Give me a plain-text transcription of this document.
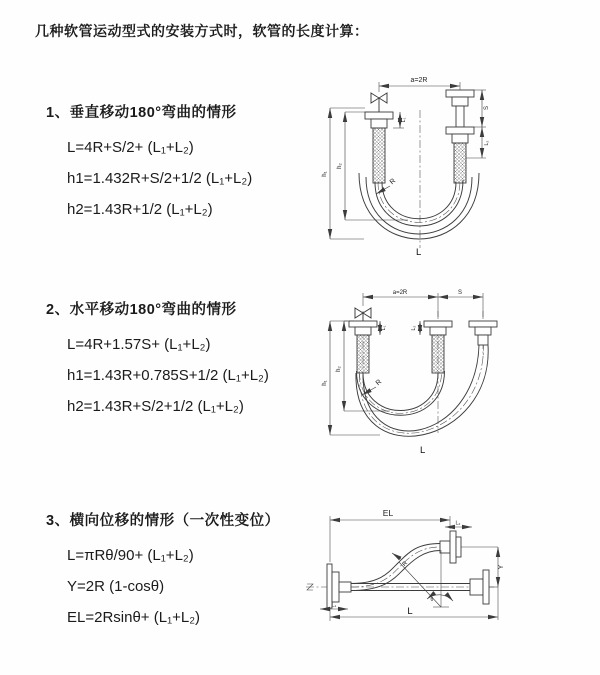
几种软管运动型式的安装方式时，软管的长度计算：
1、垂直移动180°弯曲的情形
L=4R+S/2+ (L₁+L₂)
h1=1.432R+S/2+1/2 (L₁+L₂)
h2=1.43R+1/2 (L₁+L₂)
2、水平移动180°弯曲的情形
L=4R+1.57S+ (L₁+L₂)
h1=1.43R+0.785S+1/2 (L₁+L₂)
h2=1.43R+S/2+1/2 (L₁+L₂)
3、横向位移的情形（一次性变位）
L=πRθ/90+ (L₁+L₂)
Y=2R (1-cosθ)
EL=2Rsinθ+ (L₁+L₂)
a=2R
h₂
h₁
L₁
S
L₂
R
L
a=2R	S
h₂
h₁
L₁	L₂
R
L
EL
L₂
Y
L
L₁
R
θ
